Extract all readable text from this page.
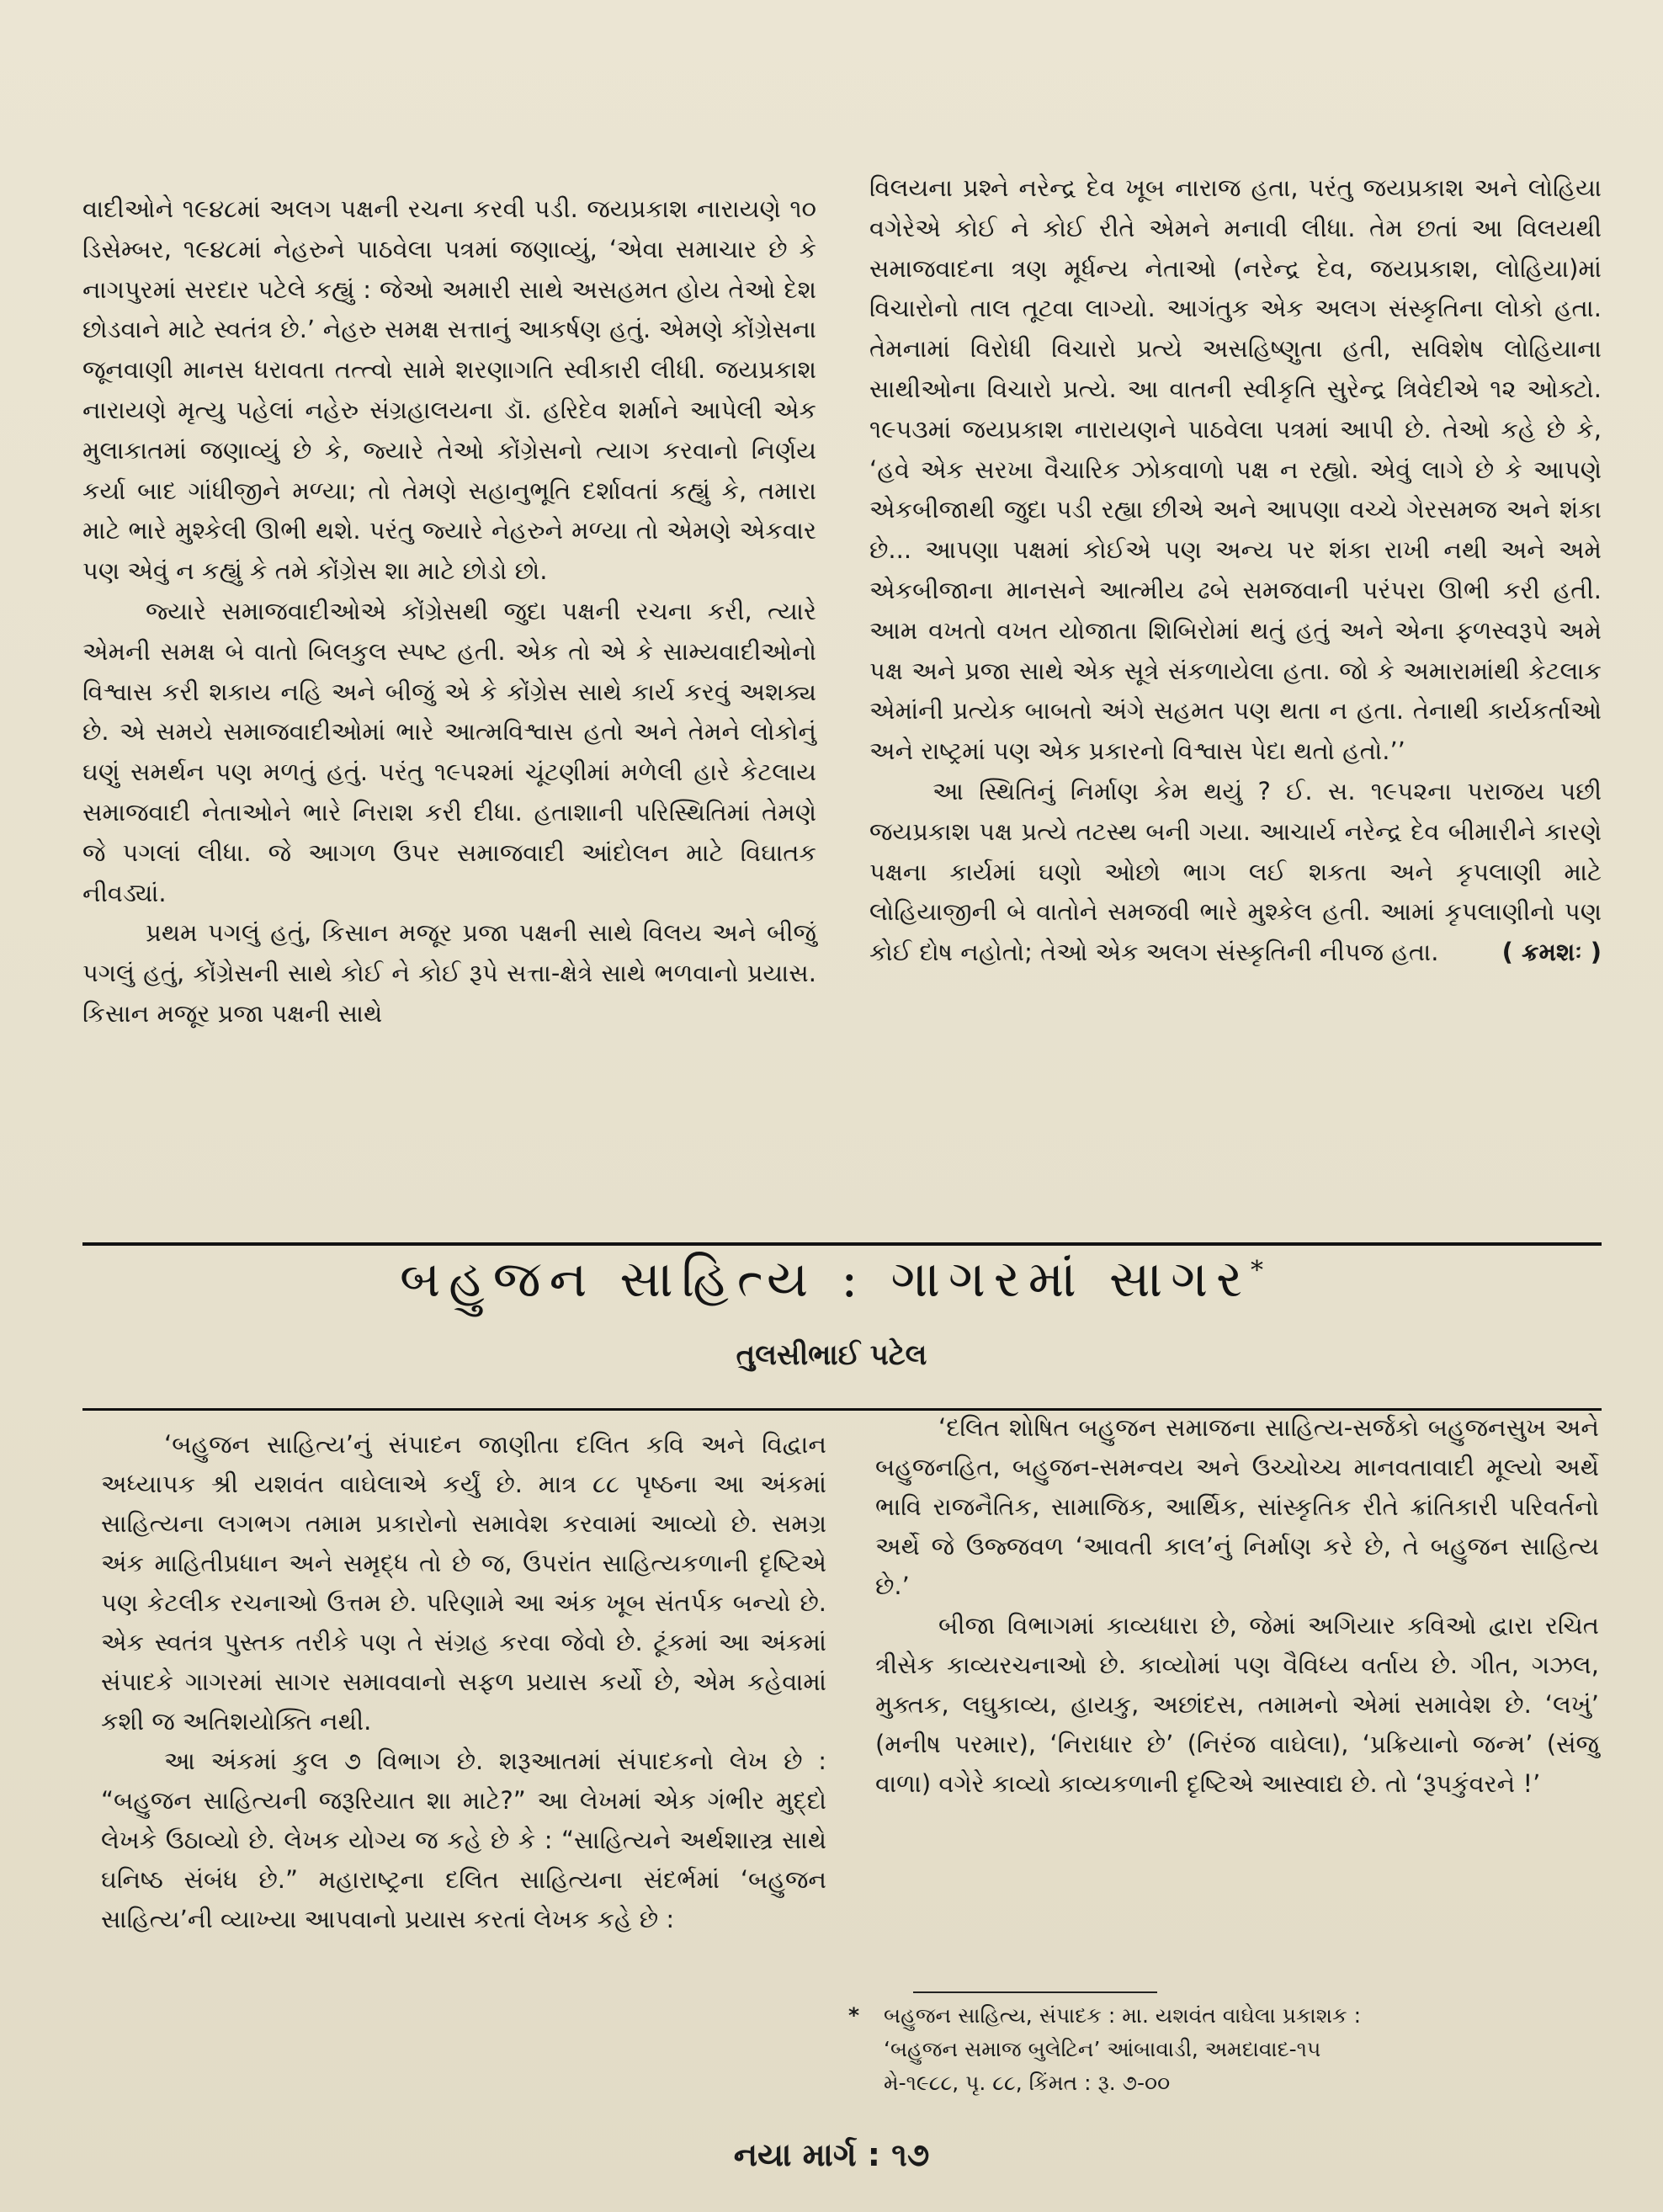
વાદીઓને ૧૯૪૮માં અલગ પક્ષની રચના કરવી પડી. જયપ્રકાશ નારાયણે ૧૦ ડિસેમ્બર, ૧૯૪૮માં નેહરુને પાઠવેલા પત્રમાં જણાવ્યું, ‘એવા સમાચાર છે કે નાગપુરમાં સરદાર પટેલે કહ્યું : જેઓ અમારી સાથે અસહમત હોય તેઓ દેશ છોડવાને માટે સ્વતંત્ર છે.’ નેહરુ સમક્ષ સત્તાનું આકર્ષણ હતું. એમણે કોંગ્રેસના જૂનવાણી માનસ ધરાવતા તત્ત્વો સામે શરણાગતિ સ્વીકારી લીધી. જયપ્રકાશ નારાયણે મૃત્યુ પહેલાં નહેરુ સંગ્રહાલયના ડૉ. હરિદેવ શર્માને આપેલી એક મુલાકાતમાં જણાવ્યું છે કે, જ્યારે તેઓ કોંગ્રેસનો ત્યાગ કરવાનો નિર્ણય કર્યા બાદ ગાંધીજીને મળ્યા; તો તેમણે સહાનુભૂતિ દર્શાવતાં કહ્યું કે, તમારા માટે ભારે મુશ્કેલી ઊભી થશે. પરંતુ જ્યારે નેહરુને મળ્યા તો એમણે એકવાર પણ એવું ન કહ્યું કે તમે કોંગ્રેસ શા માટે છોડો છો.

જ્યારે સમાજવાદીઓએ કોંગ્રેસથી જુદા પક્ષની રચના કરી, ત્યારે એમની સમક્ષ બે વાતો બિલકુલ સ્પષ્ટ હતી. એક તો એ કે સામ્યવાદીઓનો વિશ્વાસ કરી શકાય નહિ અને બીજું એ કે કોંગ્રેસ સાથે કાર્ય કરવું અશક્ય છે. એ સમયે સમાજવાદીઓમાં ભારે આત્મવિશ્વાસ હતો અને તેમને લોકોનું ઘણું સમર્થન પણ મળતું હતું. પરંતુ ૧૯૫૨માં ચૂંટણીમાં મળેલી હારે કેટલાય સમાજવાદી નેતાઓને ભારે નિરાશ કરી દીધા. હતાશાની પરિસ્થિતિમાં તેમણે જે પગલાં લીધા. જે આગળ ઉપર સમાજવાદી આંદોલન માટે વિઘાતક નીવડ્યાં.

પ્રથમ પગલું હતું, કિસાન મજૂર પ્રજા પક્ષની સાથે વિલય અને બીજું પગલું હતું, કોંગ્રેસની સાથે કોઈ ને કોઈ રૂપે સત્તા-ક્ષેત્રે સાથે ભળવાનો પ્રયાસ. કિસાન મજૂર પ્રજા પક્ષની સાથે

વિલયના પ્રશ્ને નરેન્દ્ર દેવ ખૂબ નારાજ હતા, પરંતુ જયપ્રકાશ અને લોહિયા વગેરેએ કોઈ ને કોઈ રીતે એમને મનાવી લીધા. તેમ છતાં આ વિલયથી સમાજવાદના ત્રણ મૂર્ધન્ય નેતાઓ (નરેન્દ્ર દેવ, જયપ્રકાશ, લોહિયા)માં વિચારોનો તાલ તૂટવા લાગ્યો. આગંતુક એક અલગ સંસ્કૃતિના લોકો હતા. તેમનામાં વિરોધી વિચારો પ્રત્યે અસહિષ્ણુતા હતી, સવિશેષ લોહિયાના સાથીઓના વિચારો પ્રત્યે. આ વાતની સ્વીકૃતિ સુરેન્દ્ર ત્રિવેદીએ ૧૨ ઓક્ટો. ૧૯૫૩માં જયપ્રકાશ નારાયણને પાઠવેલા પત્રમાં આપી છે. તેઓ કહે છે કે, ‘હવે એક સરખા વૈચારિક ઝોકવાળો પક્ષ ન રહ્યો. એવું લાગે છે કે આપણે એકબીજાથી જુદા પડી રહ્યા છીએ અને આપણા વચ્ચે ગેરસમજ અને શંકા છે... આપણા પક્ષમાં કોઈએ પણ અન્ય પર શંકા રાખી નથી અને અમે એકબીજાના માનસને આત્મીય ઢબે સમજવાની પરંપરા ઊભી કરી હતી. આમ વખતો વખત યોજાતા શિબિરોમાં થતું હતું અને એના ફળસ્વરૂપે અમે પક્ષ અને પ્રજા સાથે એક સૂત્રે સંકળાયેલા હતા. જો કે અમારામાંથી કેટલાક એમાંની પ્રત્યેક બાબતો અંગે સહમત પણ થતા ન હતા. તેનાથી કાર્યકર્તાઓ અને રાષ્ટ્રમાં પણ એક પ્રકારનો વિશ્વાસ પેદા થતો હતો.’’

આ સ્થિતિનું નિર્માણ કેમ થયું ? ઈ. સ. ૧૯૫૨ના પરાજય પછી જયપ્રકાશ પક્ષ પ્રત્યે તટસ્થ બની ગયા. આચાર્ય નરેન્દ્ર દેવ બીમારીને કારણે પક્ષના કાર્યમાં ઘણો ઓછો ભાગ લઈ શકતા અને કૃપલાણી માટે લોહિયાજીની બે વાતોને સમજવી ભારે મુશ્કેલ હતી. આમાં કૃપલાણીનો પણ કોઈ દોષ નહોતો; તેઓ એક અલગ સંસ્કૃતિની નીપજ હતા.	( ક્રમશઃ )

બહુજન સાહિત્ય : ગાગરમાં સાગર*
તુલસીભાઈ પટેલ

‘બહુજન સાહિત્ય’નું સંપાદન જાણીતા દલિત કવિ અને વિદ્વાન અધ્યાપક શ્રી યશવંત વાઘેલાએ કર્યું છે. માત્ર ૮૮ પૃષ્ઠના આ અંકમાં સાહિત્યના લગભગ તમામ પ્રકારોનો સમાવેશ કરવામાં આવ્યો છે. સમગ્ર અંક માહિતીપ્રધાન અને સમૃદ્ધ તો છે જ, ઉપરાંત સાહિત્યકળાની દૃષ્ટિએ પણ કેટલીક રચનાઓ ઉત્તમ છે. પરિણામે આ અંક ખૂબ સંતર્પક બન્યો છે. એક સ્વતંત્ર પુસ્તક તરીકે પણ તે સંગ્રહ કરવા જેવો છે. ટૂંકમાં આ અંકમાં સંપાદકે ગાગરમાં સાગર સમાવવાનો સફળ પ્રયાસ કર્યો છે, એમ કહેવામાં કશી જ અતિશયોક્તિ નથી.

આ અંકમાં કુલ ૭ વિભાગ છે. શરૂઆતમાં સંપાદકનો લેખ છે : “બહુજન સાહિત્યની જરૂરિયાત શા માટે?” આ લેખમાં એક ગંભીર મુદ્દો લેખકે ઉઠાવ્યો છે. લેખક યોગ્ય જ કહે છે કે : “સાહિત્યને અર્થશાસ્ત્ર સાથે ઘનિષ્ઠ સંબંધ છે.” મહારાષ્ટ્રના દલિત સાહિત્યના સંદર્ભમાં ‘બહુજન સાહિત્ય’ની વ્યાખ્યા આપવાનો પ્રયાસ કરતાં લેખક કહે છે :

‘દલિત શોષિત બહુજન સમાજના સાહિત્ય-સર્જકો બહુજનસુખ અને બહુજનહિત, બહુજન-સમન્વય અને ઉચ્ચોચ્ચ માનવતાવાદી મૂલ્યો અર્થે ભાવિ રાજનૈતિક, સામાજિક, આર્થિક, સાંસ્કૃતિક રીતે ક્રાંતિકારી પરિવર્તનો અર્થે જે ઉજ્જવળ ‘આવતી કાલ’નું નિર્માણ કરે છે, તે બહુજન સાહિત્ય છે.’

બીજા વિભાગમાં કાવ્યધારા છે, જેમાં અગિયાર કવિઓ દ્વારા રચિત ત્રીસેક કાવ્યરચનાઓ છે. કાવ્યોમાં પણ વૈવિધ્ય વર્તાય છે. ગીત, ગઝલ, મુક્તક, લઘુકાવ્ય, હાયકુ, અછાંદસ, તમામનો એમાં સમાવેશ છે. ‘લખું’ (મનીષ પરમાર), ‘નિરાધાર છે’ (નિરંજ વાઘેલા), ‘પ્રક્રિયાનો જન્મ’ (સંજુ વાળા) વગેરે કાવ્યો કાવ્યકળાની દૃષ્ટિએ આસ્વાદ્ય છે. તો ‘રૂપકુંવરને !’

*	બહુજન સાહિત્ય, સંપાદક : મા. યશવંત વાઘેલા પ્રકાશક :
‘બહુજન સમાજ બુલેટિન’ આંબાવાડી, અમદાવાદ-૧૫
મે-૧૯૮૮, પૃ. ૮૮, કિંમત : રૂ. ૭-૦૦
નયા માર્ગ : ૧૭
